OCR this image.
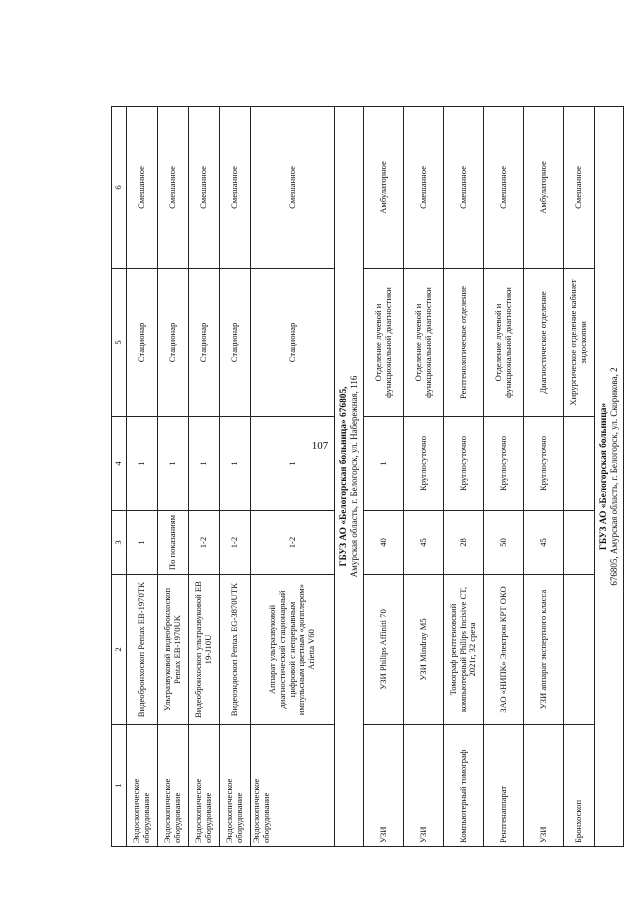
107
1	2	3	4	5	6
Эндоскопическое оборудование	Видеобронхоскоп Pentax EB-1970TK	1	1	Стационар	Смешанное
Эндоскопическое оборудование	Ультразвуковой видеобронхоскоп Pentax EB-1970UK	По показаниям	1	Стационар	Смешанное
Эндоскопическое оборудование	Видеобронхоскоп ультразвуковой EB 19-J10U	1-2	1	Стационар	Смешанное
Эндоскопическое оборудование	Видеоэндоскоп Pentax EG-3870UTK	1-2	1	Стационар	Смешанное
Эндоскопическое оборудование	Аппарат ультразвуковой диагностический стационарный цифровой с непрерывным импульсным цветным «допплером» Arietta V60	1-2	1	Стационар	Смешанное

ГБУЗ АО «Белогорская больница» 676805, Амурская область, г. Белогорск, ул. Набережная, 116					

УЗИ	УЗИ Philips Affiniti 70	40	1	Отделение лучевой и функциональной диагностики	Амбулаторное
УЗИ	УЗИ Mindray M5	45	Круглосуточно	Отделение лучевой и функциональной диагностики	Смешанное
Компьютерный томограф	Томограф рентгеновский компьютерный Philips Incisive CT, 2021г, 32 среза	28	Круглосуточно	Рентгенологическое отделение	Смешанное
Рентгенаппарат	ЗАО «НИПК» Электрон КРТ ОКО	50	Круглосуточно	Отделение лучевой и функциональной диагностики	Смешанное
УЗИ	УЗИ аппарат экспертного класса	45	Круглосуточно	Диагностическое отделение	Амбулаторное
Бронхоскоп				Хирургическое отделение кабинет эндоскопии	Смешанное

ГБУЗ АО «Белогорская больница» 676805, Амурская область, г. Белогорск, ул. Скорикова, 2					
